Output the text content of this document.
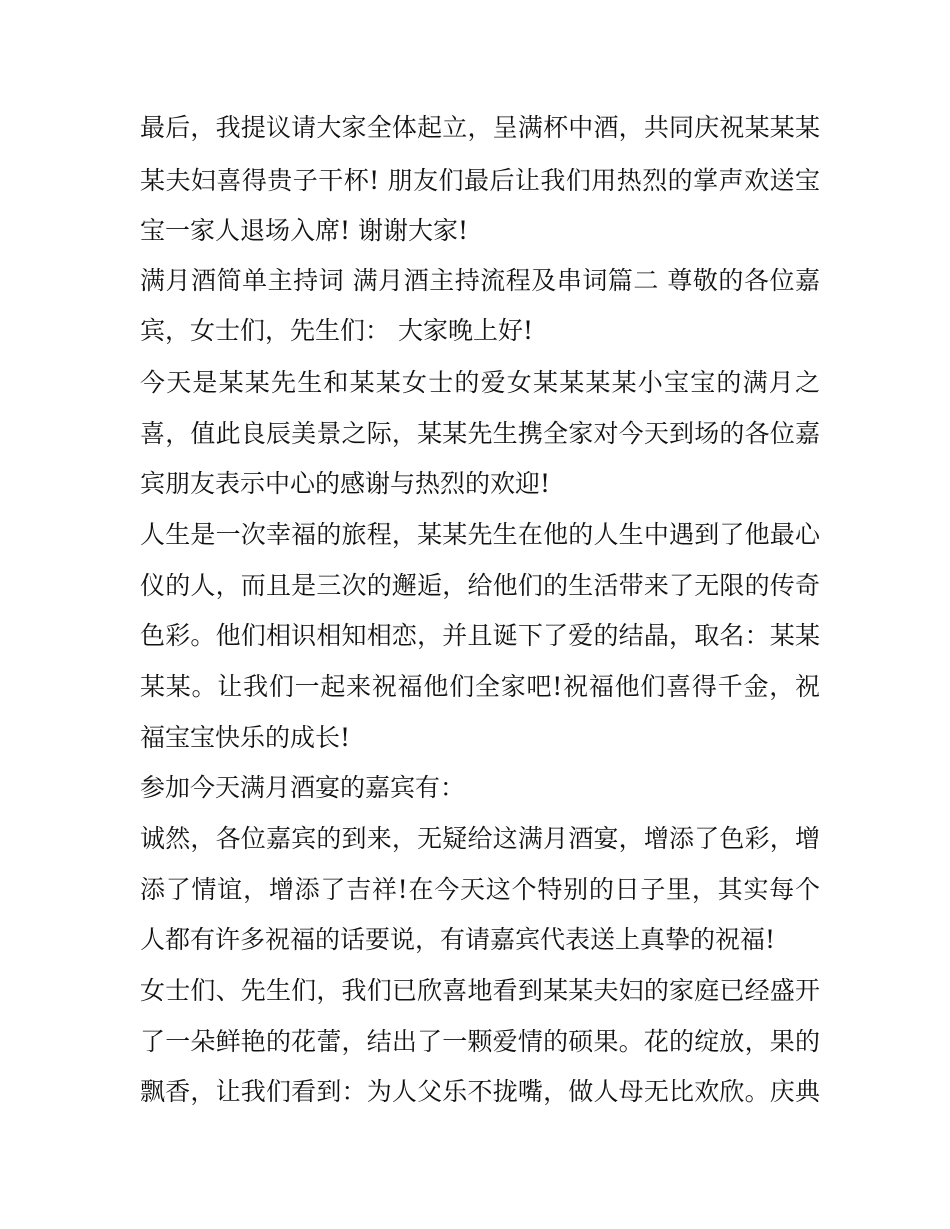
最后，我提议请大家全体起立，呈满杯中酒，共同庆祝某某某
某夫妇喜得贵子干杯! 朋友们最后让我们用热烈的掌声欢送宝
宝一家人退场入席! 谢谢大家!
满月酒简单主持词 满月酒主持流程及串词篇二 尊敬的各位嘉
宾，女士们，先生们： 大家晚上好!
今天是某某先生和某某女士的爱女某某某某小宝宝的满月之
喜，值此良辰美景之际，某某先生携全家对今天到场的各位嘉
宾朋友表示中心的感谢与热烈的欢迎!
人生是一次幸福的旅程，某某先生在他的人生中遇到了他最心
仪的人，而且是三次的邂逅，给他们的生活带来了无限的传奇
色彩。他们相识相知相恋，并且诞下了爱的结晶，取名：某某
某某。让我们一起来祝福他们全家吧!祝福他们喜得千金，祝
福宝宝快乐的成长!
参加今天满月酒宴的嘉宾有：
诚然，各位嘉宾的到来，无疑给这满月酒宴，增添了色彩，增
添了情谊，增添了吉祥!在今天这个特别的日子里，其实每个
人都有许多祝福的话要说，有请嘉宾代表送上真挚的祝福!
女士们、先生们，我们已欣喜地看到某某夫妇的家庭已经盛开
了一朵鲜艳的花蕾，结出了一颗爱情的硕果。花的绽放，果的
飘香，让我们看到：为人父乐不拢嘴，做人母无比欢欣。庆典
